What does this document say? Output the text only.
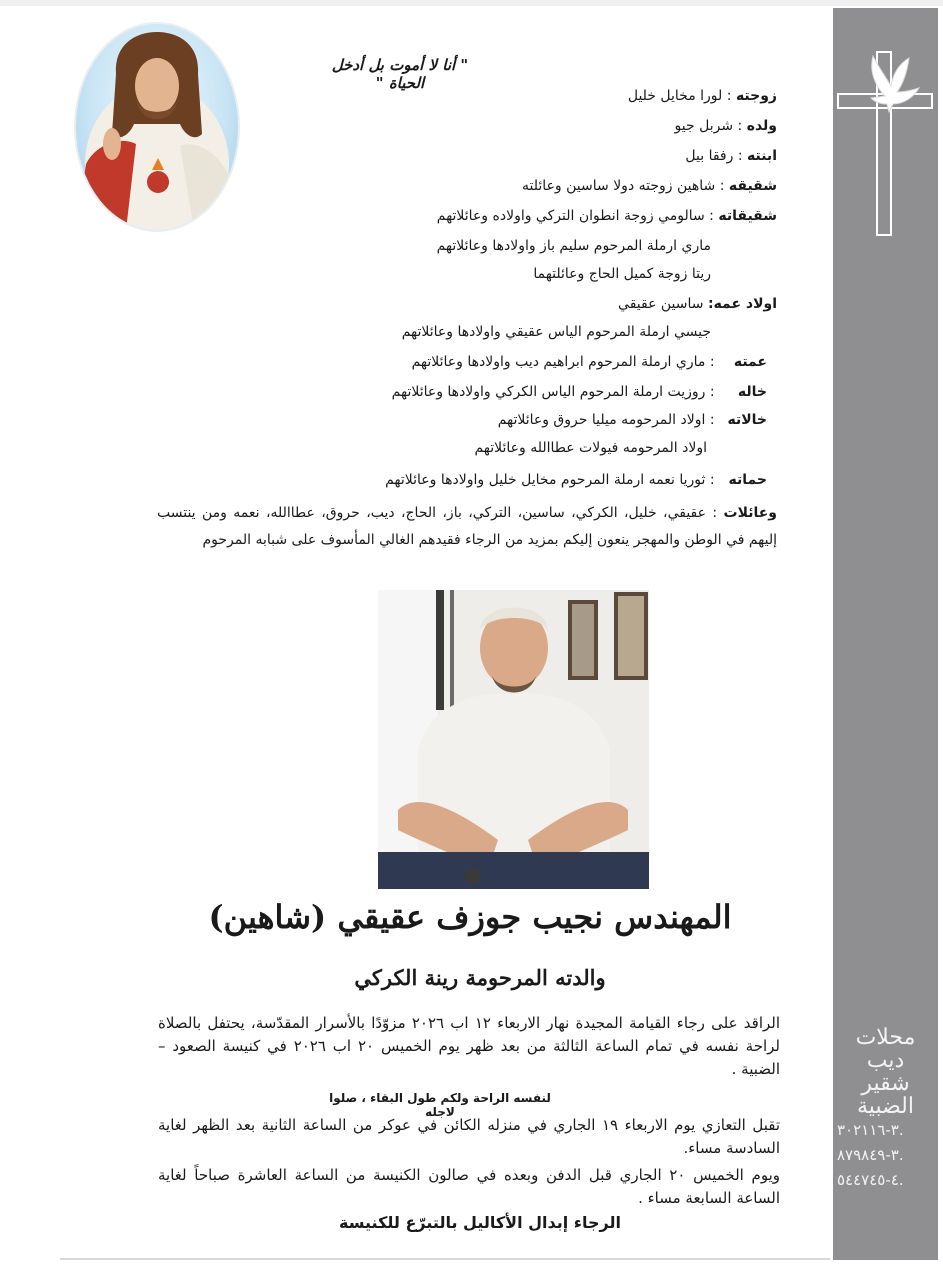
محلات
ديب
شقير
الضبية
.٣-٣٠٢١١٦
.٣-٨٧٩٨٤٩
.٤-٥٤٤٧٤٥
" أنا لا أموت بل أدخل الحياة "
زوجته : لورا مخايل خليل
ولده : شربل جيو
ابنته : رفقا بيل
شقيقه : شاهين زوجته دولا ساسين وعائلته
شقيقاته : سالومي زوجة انطوان التركي واولاده وعائلاتهم
ماري ارملة المرحوم سليم باز واولادها وعائلاتهم
ريتا زوجة كميل الحاج وعائلتهما
اولاد عمه: ساسين عقيقي
جيسي ارملة المرحوم الياس عقيقي واولادها وعائلاتهم
عمته : ماري ارملة المرحوم ابراهيم ديب واولادها وعائلاتهم
خاله : روزيت ارملة المرحوم الياس الكركي واولادها وعائلاتهم
خالاته : اولاد المرحومه ميليا حروق وعائلاتهم
اولاد المرحومه فيولات عطاالله وعائلاتهم
حماته : ثوريا نعمه ارملة المرحوم مخايل خليل واولادها وعائلاتهم
وعائلات : عقيقي، خليل، الكركي، ساسين، التركي، باز، الحاج، ديب، حروق، عطاالله، نعمه ومن ينتسب إليهم في الوطن والمهجر ينعون إليكم بمزيد من الرجاء فقيدهم الغالي المأسوف على شبابه المرحوم
المهندس نجيب جوزف عقيقي (شاهين)
والدته المرحومة رينة الكركي
الراقد على رجاء القيامة المجيدة نهار الاربعاء ١٢ اب ٢٠٢٦ مزوّدًا بالأسرار المقدّسة، يحتفل بالصلاة لراحة نفسه في تمام الساعة الثالثة من بعد ظهر يوم الخميس ٢٠ اب ٢٠٢٦ في كنيسة الصعود – الضبية .
لنفسه الراحة ولكم طول البقاء ، صلوا لاجله
تقبل التعازي يوم الاربعاء ١٩ الجاري في منزله الكائن في عوكر من الساعة الثانية بعد الظهر لغاية السادسة مساء.
ويوم الخميس ٢٠ الجاري قبل الدفن وبعده في صالون الكنيسة من الساعة العاشرة صباحاً لغاية الساعة السابعة مساء .
الرجاء إبدال الأكاليل بالتبرّع للكنيسة
